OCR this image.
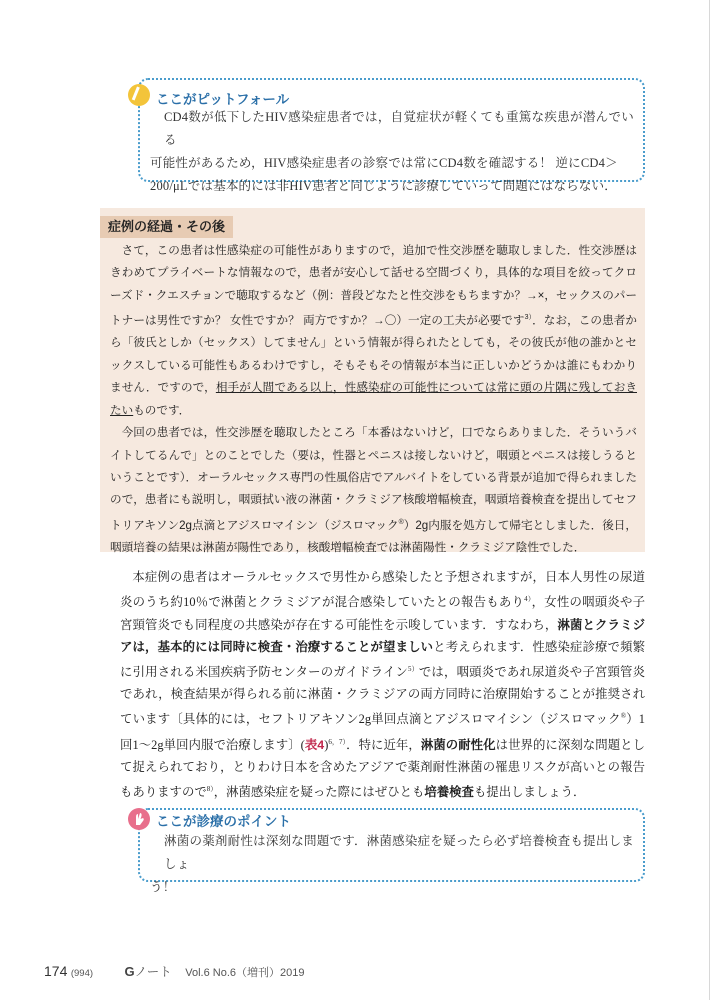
ここがピットフォール
CD4数が低下したHIV感染症患者では，自覚症状が軽くても重篤な疾患が潜んでいる
可能性があるため，HIV感染症患者の診察では常にCD4数を確認する！ 逆にCD4＞
200/μLでは基本的には非HIV患者と同じように診療していって問題にはならない．
症例の経過・その後

さて，この患者は性感染症の可能性がありますので，追加で性交渉歴を聴取しました．性交渉歴はきわめてプライベートな情報なので，患者が安心して話せる空間づくり，具体的な項目を絞ってクローズド・クエスチョンで聴取するなど（例：普段どなたと性交渉をもちますか？→×，セックスのパートナーは男性ですか？ 女性ですか？ 両方ですか？→〇）一定の工夫が必要です$^{3)}$．なお，この患者から「彼氏としか（セックス）してません」という情報が得られたとしても，その彼氏が他の誰かとセックスしている可能性もあるわけですし，そもそもその情報が本当に正しいかどうかは誰にもわかりません．ですので，相手が人間である以上，性感染症の可能性については常に頭の片隅に残しておきたいものです．

今回の患者では，性交渉歴を聴取したところ「本番はないけど，口でならありました．そういうバイトしてるんで」とのことでした（要は，性器とペニスは接しないけど，咽頭とペニスは接しうるということです）．オーラルセックス専門の性風俗店でアルバイトをしている背景が追加で得られましたので，患者にも説明し，咽頭拭い液の淋菌・クラミジア核酸増幅検査，咽頭培養検査を提出してセフトリアキソン2g点滴とアジスロマイシン（ジスロマック®）2g内服を処方して帰宅としました．後日，咽頭培養の結果は淋菌が陽性であり，核酸増幅検査では淋菌陽性・クラミジア陰性でした．

本症例の患者はオーラルセックスで男性から感染したと予想されますが，日本人男性の尿道炎のうち約10％で淋菌とクラミジアが混合感染していたとの報告もあり$^{4)}$，女性の咽頭炎や子宮頸管炎でも同程度の共感染が存在する可能性を示唆しています．すなわち，淋菌とクラミジアは，基本的には同時に検査・治療することが望ましいと考えられます．性感染症診療で頻繁に引用される米国疾病予防センターのガイドライン$^{5)}$では，咽頭炎であれ尿道炎や子宮頸管炎であれ，検査結果が得られる前に淋菌・クラミジアの両方同時に治療開始することが推奨されています〔具体的には，セフトリアキソン2g単回点滴とアジスロマイシン（ジスロマック®）1回1～2g単回内服で治療します〕(表4)$^{6,7)}$．特に近年，淋菌の耐性化は世界的に深刻な問題として捉えられており，とりわけ日本を含めたアジアで薬剤耐性淋菌の罹患リスクが高いとの報告もありますので$^{8)}$，淋菌感染症を疑った際にはぜひとも培養検査も提出しましょう．

ここが診療のポイント
淋菌の薬剤耐性は深刻な問題です．淋菌感染症を疑ったら必ず培養検査も提出しましょ
う！
174 (994) Gノート Vol.6 No.6（増刊）2019
